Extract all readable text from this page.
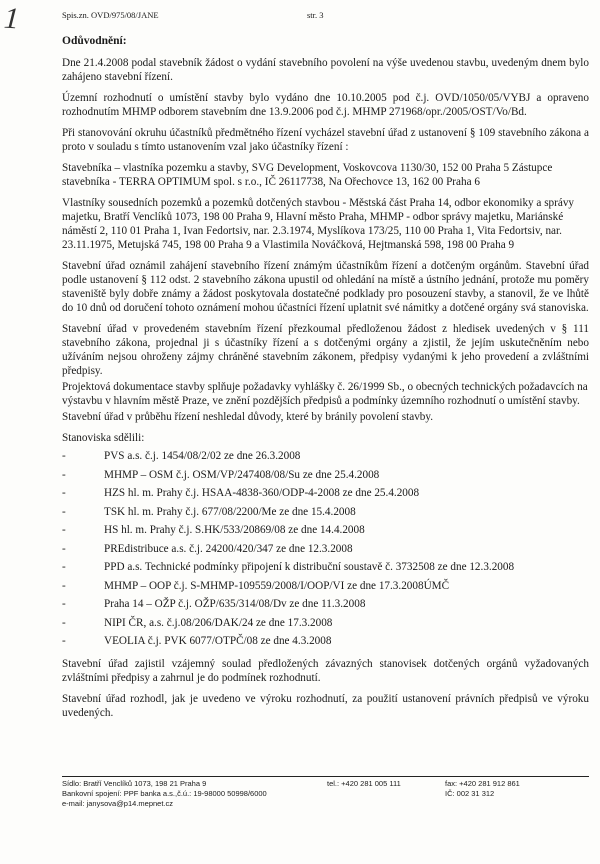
1	Spis.zn. OVD/975/08/JANE	str. 3
Odůvodnění:

Dne 21.4.2008 podal stavebník žádost o vydání stavebního povolení na výše uvedenou stavbu, uvedeným dnem bylo zahájeno stavební řízení.

Územní rozhodnutí o umístění stavby bylo vydáno dne 10.10.2005 pod č.j. OVD/1050/05/VYBJ a opraveno rozhodnutím MHMP odborem stavebním dne 13.9.2006 pod č.j. MHMP 271968/opr./2005/OST/Vo/Bd.

Při stanovování okruhu účastníků předmětného řízení vycházel stavební úřad z ustanovení § 109 stavebního zákona a proto v souladu s tímto ustanovením vzal jako účastníky řízení :

Stavebníka – vlastníka pozemku a stavby, SVG Development, Voskovcova 1130/30, 152 00 Praha 5 Zástupce stavebníka - TERRA OPTIMUM spol. s r.o., IČ 26117738, Na Ořechovce 13, 162 00 Praha 6

Vlastníky sousedních pozemků a pozemků dotčených stavbou - Městská část Praha 14, odbor ekonomiky a správy majetku, Bratří Venclíků 1073, 198 00 Praha 9, Hlavní město Praha, MHMP - odbor správy majetku, Mariánské náměstí 2, 110 01 Praha 1, Ivan Fedortsiv, nar. 2.3.1974, Myslíkova 173/25, 110 00 Praha 1, Vita Fedortsiv, nar. 23.11.1975, Metujská 745, 198 00 Praha 9 a Vlastimila Nováčková, Hejtmanská 598, 198 00 Praha 9

Stavební úřad oznámil zahájení stavebního řízení známým účastníkům řízení a dotčeným orgánům. Stavební úřad podle ustanovení § 112 odst. 2 stavebního zákona upustil od ohledání na místě a ústního jednání, protože mu poměry staveniště byly dobře známy a žádost poskytovala dostatečné podklady pro posouzení stavby, a stanovil, že ve lhůtě do 10 dnů od doručení tohoto oznámení mohou účastníci řízení uplatnit své námitky a dotčené orgány svá stanoviska.

Stavební úřad v provedeném stavebním řízení přezkoumal předloženou žádost z hledisek uvedených v § 111 stavebního zákona, projednal ji s účastníky řízení a s dotčenými orgány a zjistil, že jejím uskutečněním nebo užíváním nejsou ohroženy zájmy chráněné stavebním zákonem, předpisy vydanými k jeho provedení a zvláštními předpisy.

Projektová dokumentace stavby splňuje požadavky vyhlášky č. 26/1999 Sb., o obecných technických požadavcích na výstavbu v hlavním městě Praze, ve znění pozdějších předpisů a podmínky územního rozhodnutí o umístění stavby.

Stavební úřad v průběhu řízení neshledal důvody, které by bránily povolení stavby.

Stanoviska sdělili:

-	PVS a.s. č.j. 1454/08/2/02 ze dne 26.3.2008
-	MHMP – OSM č.j. OSM/VP/247408/08/Su ze dne 25.4.2008
-	HZS hl. m. Prahy č.j. HSAA-4838-360/ODP-4-2008 ze dne 25.4.2008
-	TSK hl. m. Prahy č.j. 677/08/2200/Me ze dne 15.4.2008
-	HS hl. m. Prahy č.j. S.HK/533/20869/08 ze dne 14.4.2008
-	PREdistribuce a.s. č.j. 24200/420/347 ze dne 12.3.2008
-	PPD a.s. Technické podmínky připojení k distribuční soustavě č. 3732508 ze dne 12.3.2008
-	MHMP – OOP č.j. S-MHMP-109559/2008/I/OOP/VI ze dne 17.3.2008ÚMČ
-	Praha 14 – OŽP č.j. OŽP/635/314/08/Dv ze dne 11.3.2008
-	NIPI ČR, a.s. č.j.08/206/DAK/24 ze dne 17.3.2008
-	VEOLIA č.j. PVK 6077/OTPČ/08 ze dne 4.3.2008

Stavební úřad zajistil vzájemný soulad předložených závazných stanovisek dotčených orgánů vyžadovaných zvláštními předpisy a zahrnul je do podmínek rozhodnutí.

Stavební úřad rozhodl, jak je uvedeno ve výroku rozhodnutí, za použití ustanovení právních předpisů ve výroku uvedených.

Sídlo: Bratří Venclíků 1073, 198 21 Praha 9
Bankovní spojení: PPF banka a.s.,č.ú.: 19-98000 50998/6000
e-mail: janysova@p14.mepnet.cz
tel.: +420 281 005 111	fax: +420 281 912 861
IČ: 002 31 312
